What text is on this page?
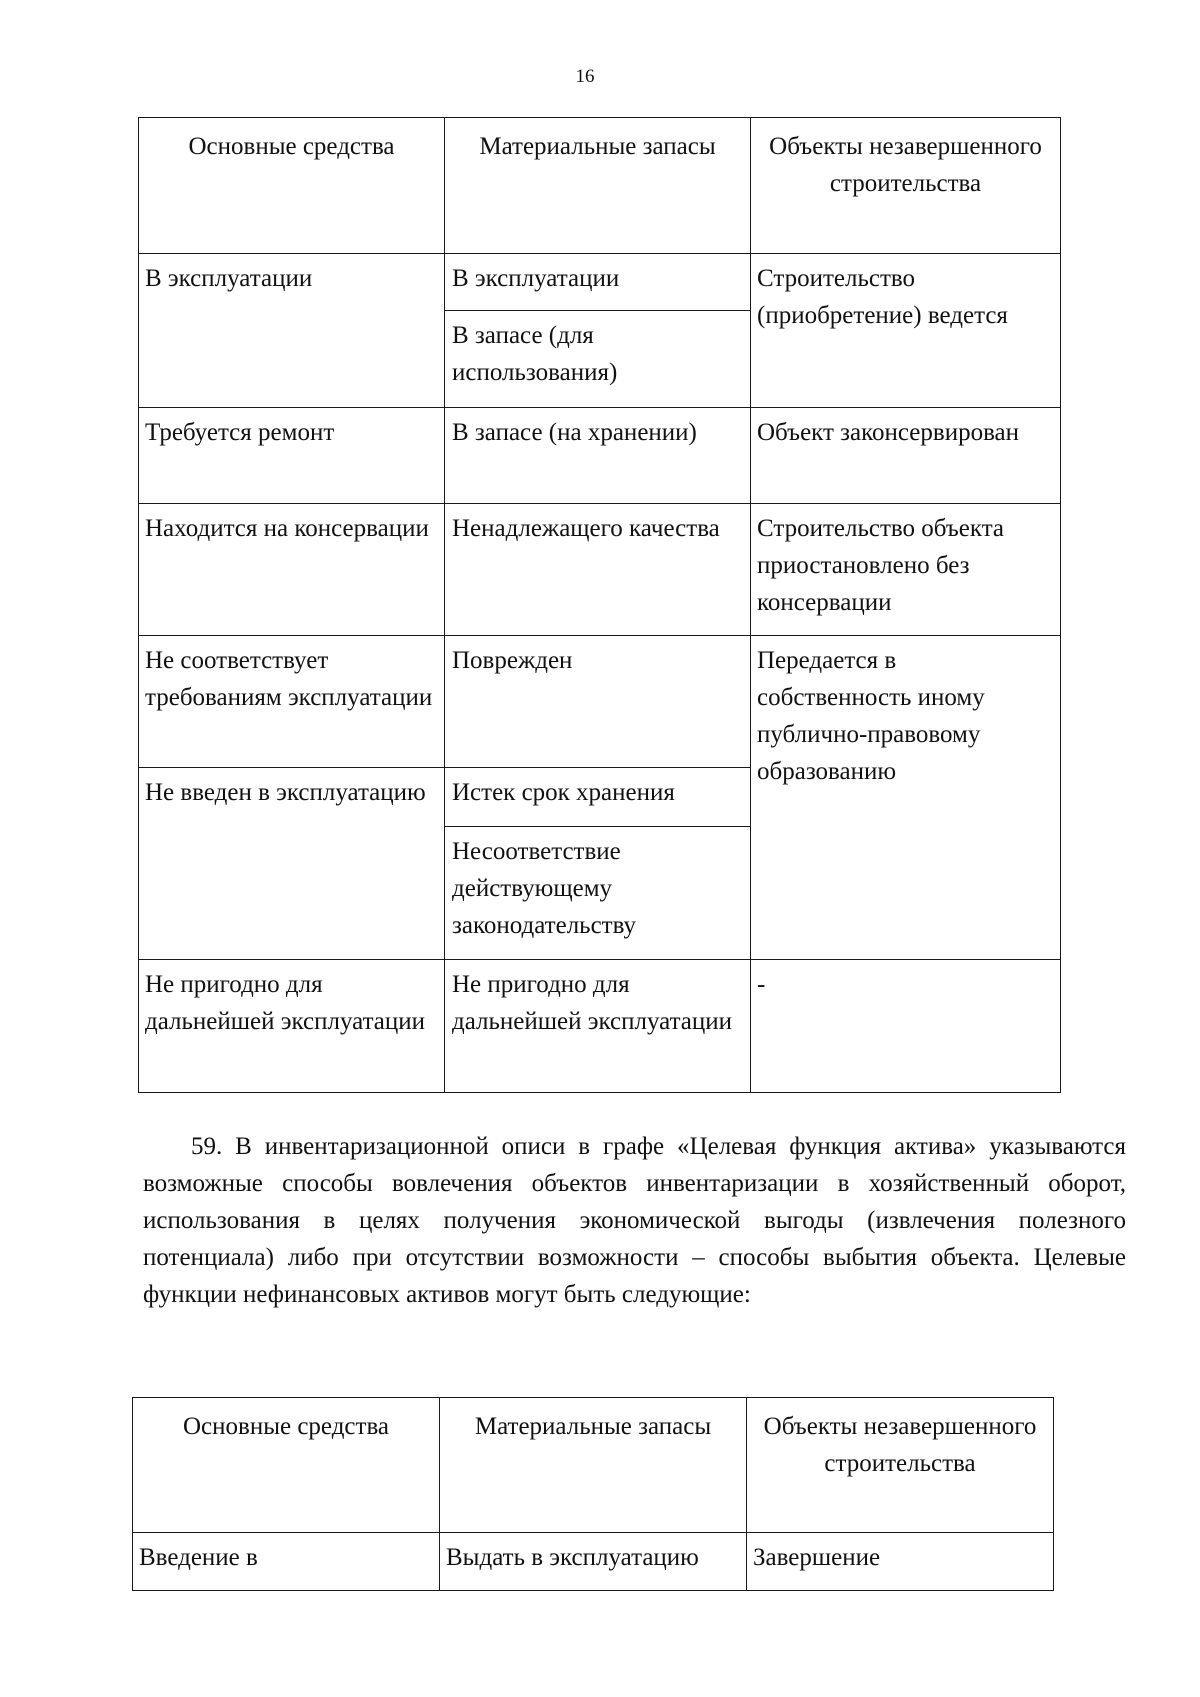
16
Основные средства	Материальные запасы	Объекты незавершенного строительства
В эксплуатации	В эксплуатации	Строительство (приобретение) ведется
	В запасе (для использования)	
Требуется ремонт	В запасе (на хранении)	Объект законсервирован
Находится на консервации	Ненадлежащего качества	Строительство объекта приостановлено без консервации
Не соответствует требованиям эксплуатации	Поврежден	Передается в собственность иному публично-правовому образованию
Не введен в эксплуатацию	Истек срок хранения	
	Несоответствие действующему законодательству	
Не пригодно для дальнейшей эксплуатации	Не пригодно для дальнейшей эксплуатации	-
59. В инвентаризационной описи в графе «Целевая функция актива» указываются возможные способы вовлечения объектов инвентаризации в хозяйственный оборот, использования в целях получения экономической выгоды (извлечения полезного потенциала) либо при отсутствии возможности – способы выбытия объекта. Целевые функции нефинансовых активов могут быть следующие:
Основные средства	Материальные запасы	Объекты незавершенного строительства
Введение в	Выдать в эксплуатацию	Завершение
